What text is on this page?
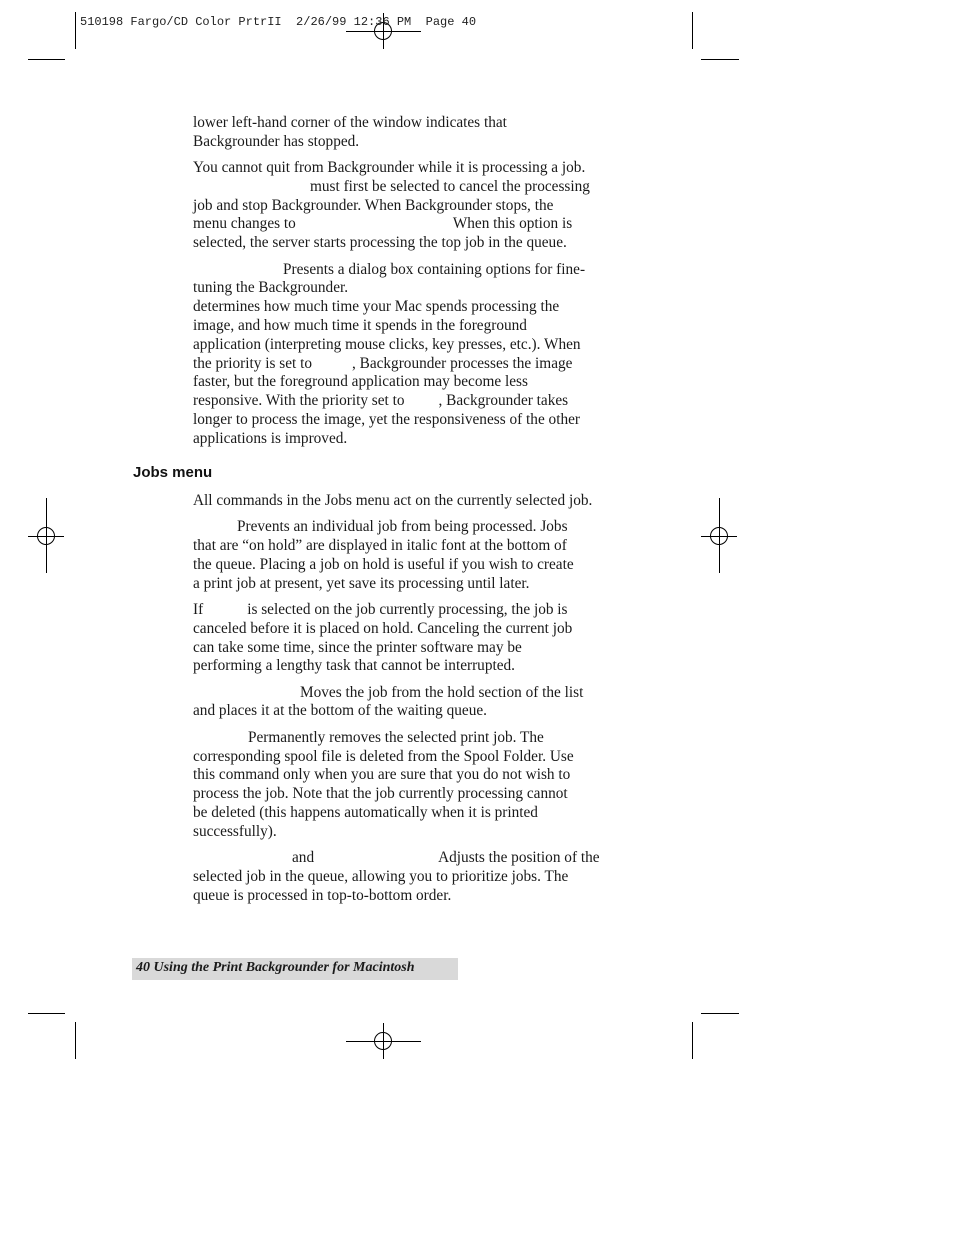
510198 Fargo/CD Color PrtrII  2/26/99 12:36 PM  Page 40
lower left-hand corner of the window indicates that
Backgrounder has stopped.
You cannot quit from Backgrounder while it is processing a job.
must first be selected to cancel the processing
job and stop Backgrounder. When Backgrounder stops, the
menu changes to	When this option is
selected, the server starts processing the top job in the queue.
Presents a dialog box containing options for fine-
tuning the Backgrounder.
determines how much time your Mac spends processing the
image, and how much time it spends in the foreground
application (interpreting mouse clicks, key presses, etc.). When
the priority is set to	, Backgrounder processes the image
faster, but the foreground application may become less
responsive. With the priority set to , Backgrounder takes
longer to process the image, yet the responsiveness of the other
applications is improved.
Jobs menu
All commands in the Jobs menu act on the currently selected job.
Prevents an individual job from being processed. Jobs
that are “on hold” are displayed in italic font at the bottom of
the queue. Placing a job on hold is useful if you wish to create
a print job at present, yet save its processing until later.
If	is selected on the job currently processing, the job is
canceled before it is placed on hold. Canceling the current job
can take some time, since the printer software may be
performing a lengthy task that cannot be interrupted.
Moves the job from the hold section of the list
and places it at the bottom of the waiting queue.
Permanently removes the selected print job. The
corresponding spool file is deleted from the Spool Folder. Use
this command only when you are sure that you do not wish to
process the job. Note that the job currently processing cannot
be deleted (this happens automatically when it is printed
successfully).
and	Adjusts the position of the
selected job in the queue, allowing you to prioritize jobs. The
queue is processed in top-to-bottom order.
40 Using the Print Backgrounder for Macintosh
